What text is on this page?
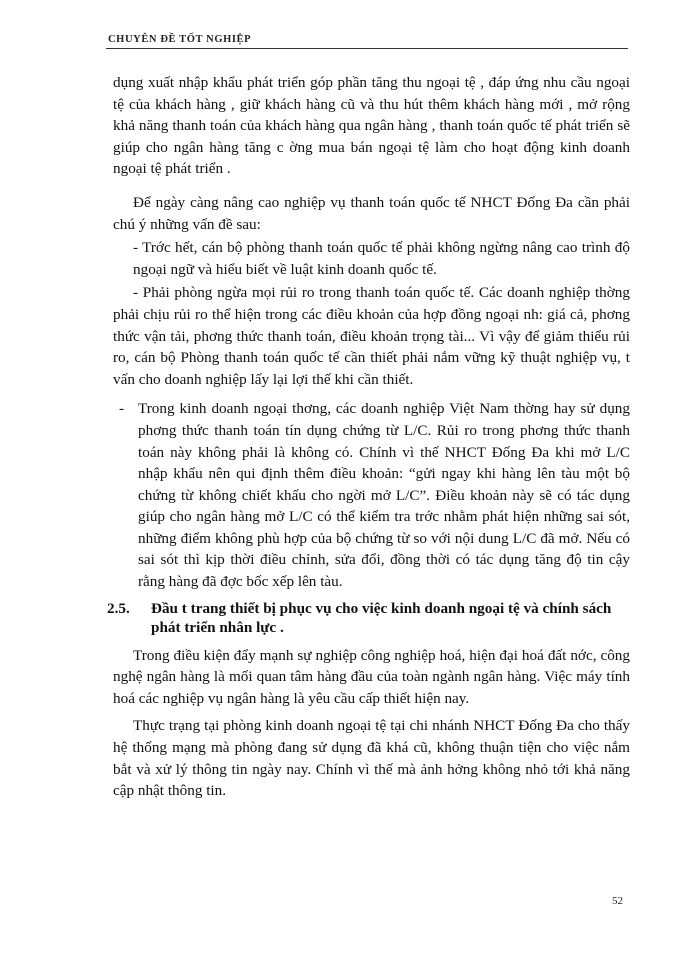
CHUYÊN ĐỀ TỐT NGHIỆP

dụng xuất nhập khẩu phát triển góp phần tăng thu ngoại tệ , đáp ứng nhu cầu ngoại tệ của khách hàng , giữ khách hàng cũ và thu hút thêm khách hàng mới , mở rộng khả năng thanh toán của khách hàng qua ngân hàng , thanh toán quốc tế phát triển sẽ giúp cho ngân hàng tăng c ờng mua bán ngoại tệ làm cho hoạt động kinh doanh ngoại tệ phát triển .

Để ngày càng nâng cao nghiệp vụ thanh toán quốc tế NHCT Đống Đa cần phải chú ý những vấn đề sau:

- Trớc hết, cán bộ phòng thanh toán quốc tế phải không ngừng nâng cao trình độ ngoại ngữ và hiểu biết về luật kinh doanh quốc tế.

- Phải phòng ngừa mọi rủi ro trong thanh toán quốc tế. Các doanh nghiệp thờng phải chịu rủi ro thể hiện trong các điều khoản của hợp đồng ngoại nh: giá cả, phơng thức vận tải, phơng thức thanh toán, điều khoản trọng tài... Vì vậy để giảm thiểu rủi ro, cán bộ Phòng thanh toán quốc tế cần thiết phải nắm vững kỹ thuật nghiệp vụ, t vấn cho doanh nghiệp lấy lại lợi thế khi cần thiết.

- Trong kinh doanh ngoại thơng, các doanh nghiệp Việt Nam thờng hay sử dụng phơng thức thanh toán tín dụng chứng từ L/C. Rủi ro trong phơng thức thanh toán này không phải là không có. Chính vì thế NHCT Đống Đa khi mở L/C nhập khẩu nên qui định thêm điều khoản: “gửi ngay khi hàng lên tàu một bộ chứng từ không chiết khấu cho ngời mở L/C”. Điều khoản này sẽ có tác dụng giúp cho ngân hàng mở L/C có thể kiểm tra trớc nhằm phát hiện những sai sót, những điểm không phù hợp của bộ chứng từ so với nội dung L/C đã mở. Nếu có sai sót thì kịp thời điều chỉnh, sửa đổi, đồng thời có tác dụng tăng độ tin cậy rằng hàng đã đợc bốc xếp lên tàu.

2.5. Đầu t trang thiết bị phục vụ cho việc kinh doanh ngoại tệ và chính sách phát triển nhân lực .

Trong điều kiện đẩy mạnh sự nghiệp công nghiệp hoá, hiện đại hoá đất nớc, công nghệ ngân hàng là mối quan tâm hàng đầu của toàn ngành ngân hàng. Việc máy tính hoá các nghiệp vụ ngân hàng là yêu cầu cấp thiết hiện nay.

Thực trạng tại phòng kinh doanh ngoại tệ tại chi nhánh NHCT Đống Đa cho thấy hệ thống mạng mà phòng đang sử dụng đã khá cũ, không thuận tiện cho việc nắm bắt và xử lý thông tin ngày nay. Chính vì thế mà ảnh hởng không nhỏ tới khả năng cập nhật thông tin.

52
